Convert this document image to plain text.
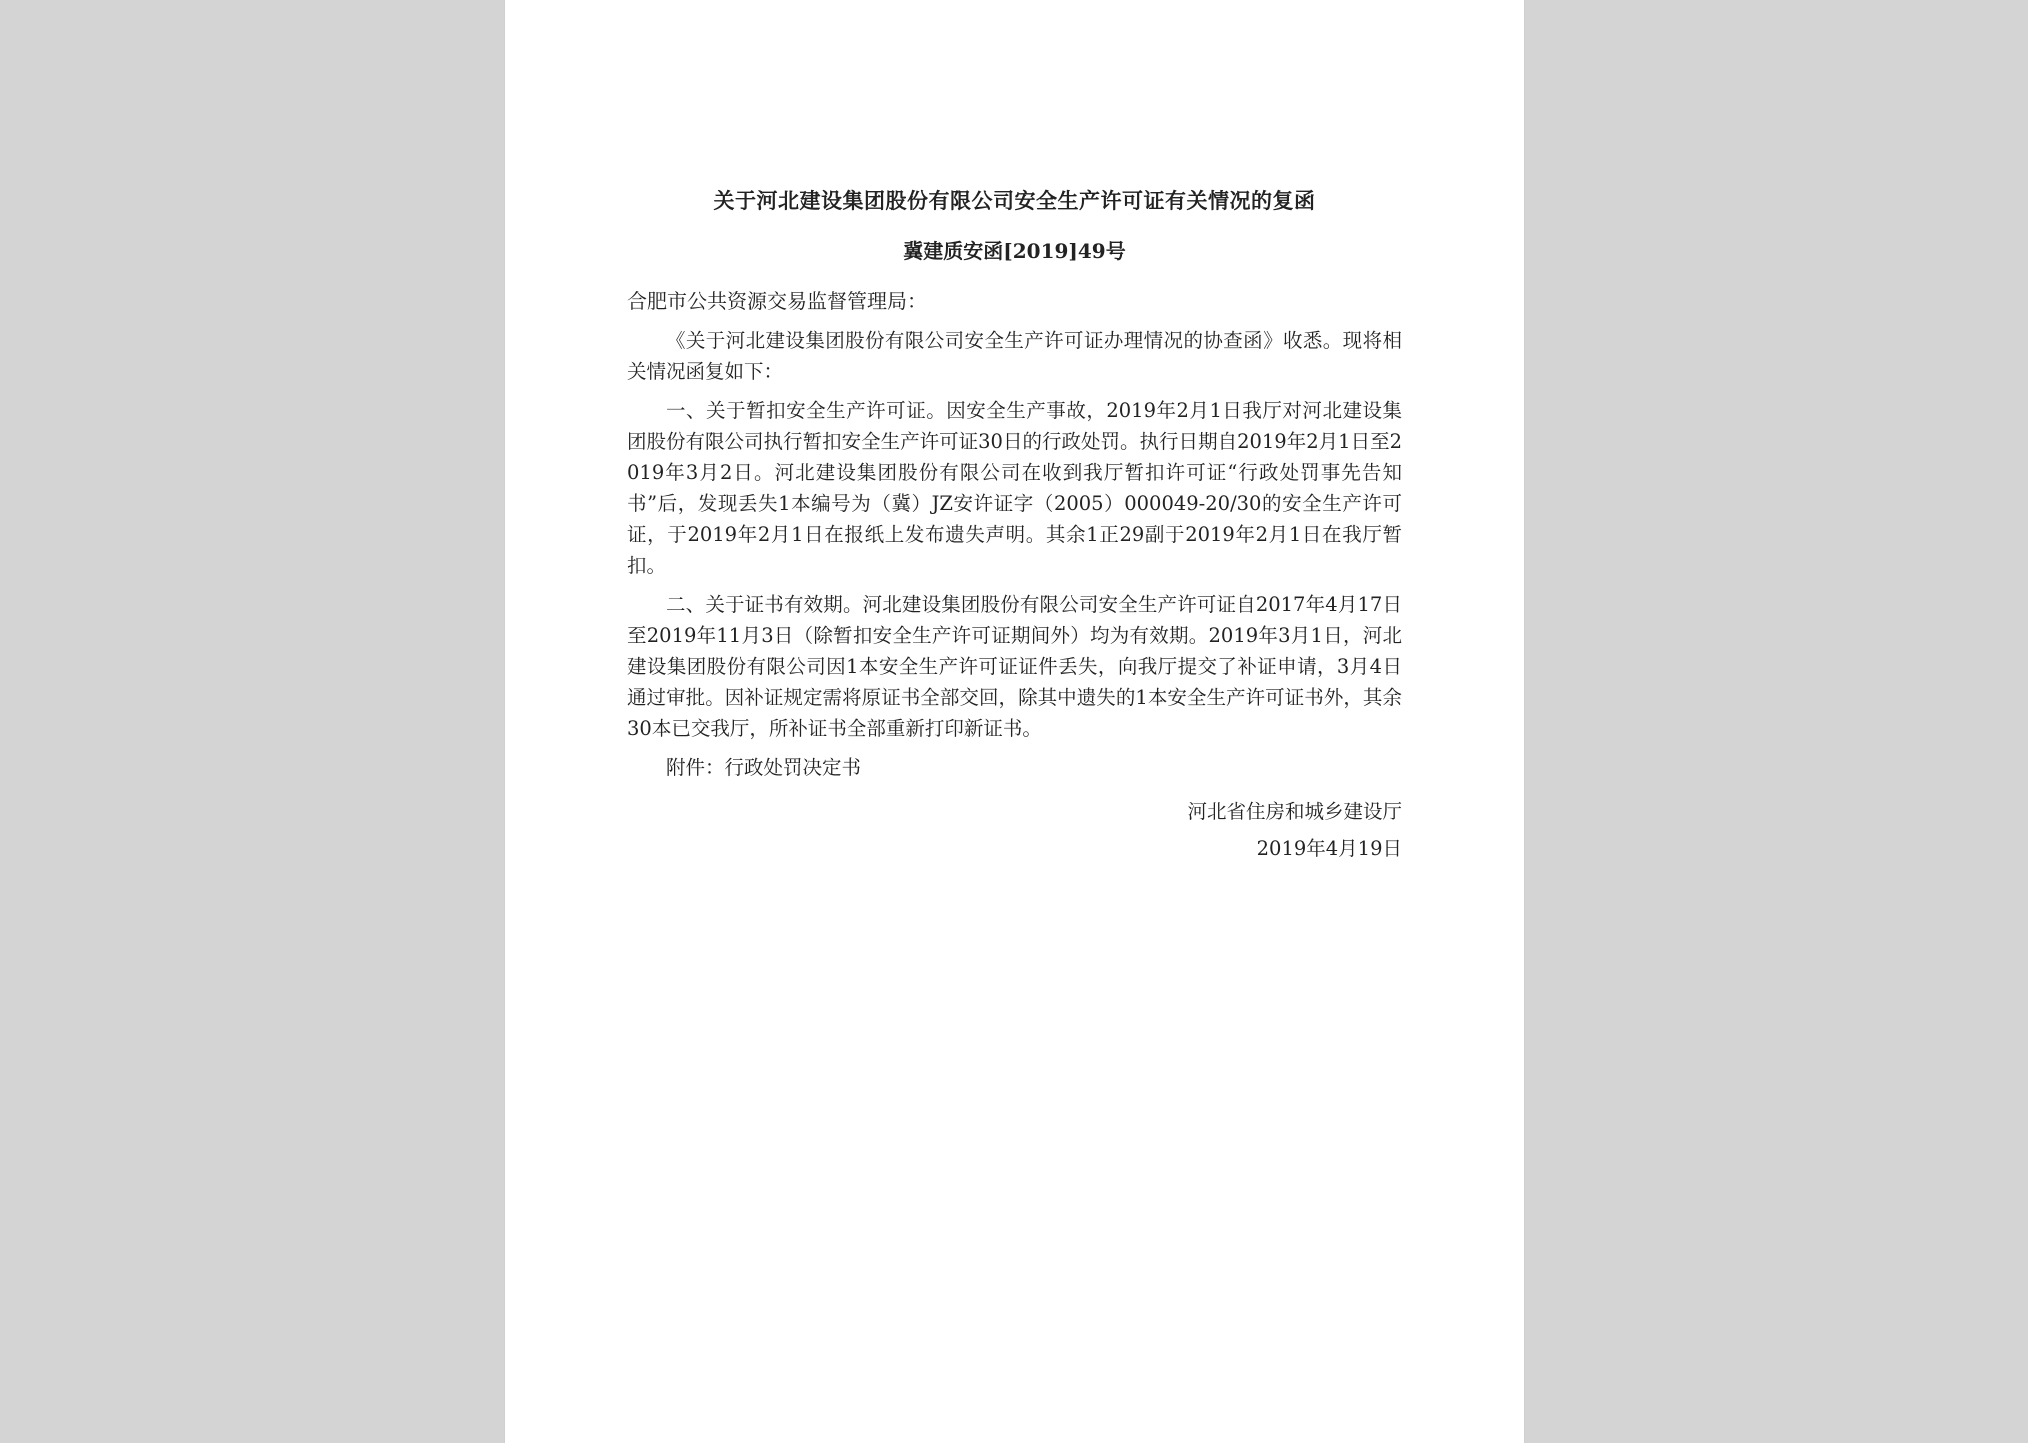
关于河北建设集团股份有限公司安全生产许可证有关情况的复函

冀建质安函[2019]49号

合肥市公共资源交易监督管理局：

《关于河北建设集团股份有限公司安全生产许可证办理情况的协查函》收悉。现将相关情况函复如下：

一、关于暂扣安全生产许可证。因安全生产事故，2019年2月1日我厅对河北建设集团股份有限公司执行暂扣安全生产许可证30日的行政处罚。执行日期自2019年2月1日至2019年3月2日。河北建设集团股份有限公司在收到我厅暂扣许可证“行政处罚事先告知书”后，发现丢失1本编号为（冀）JZ安许证字（2005）000049-20/30的安全生产许可证，于2019年2月1日在报纸上发布遗失声明。其余1正29副于2019年2月1日在我厅暂扣。

二、关于证书有效期。河北建设集团股份有限公司安全生产许可证自2017年4月17日至2019年11月3日（除暂扣安全生产许可证期间外）均为有效期。2019年3月1日，河北建设集团股份有限公司因1本安全生产许可证证件丢失，向我厅提交了补证申请，3月4日通过审批。因补证规定需将原证书全部交回，除其中遗失的1本安全生产许可证书外，其余30本已交我厅，所补证书全部重新打印新证书。

附件：行政处罚决定书

河北省住房和城乡建设厅
2019年4月19日
